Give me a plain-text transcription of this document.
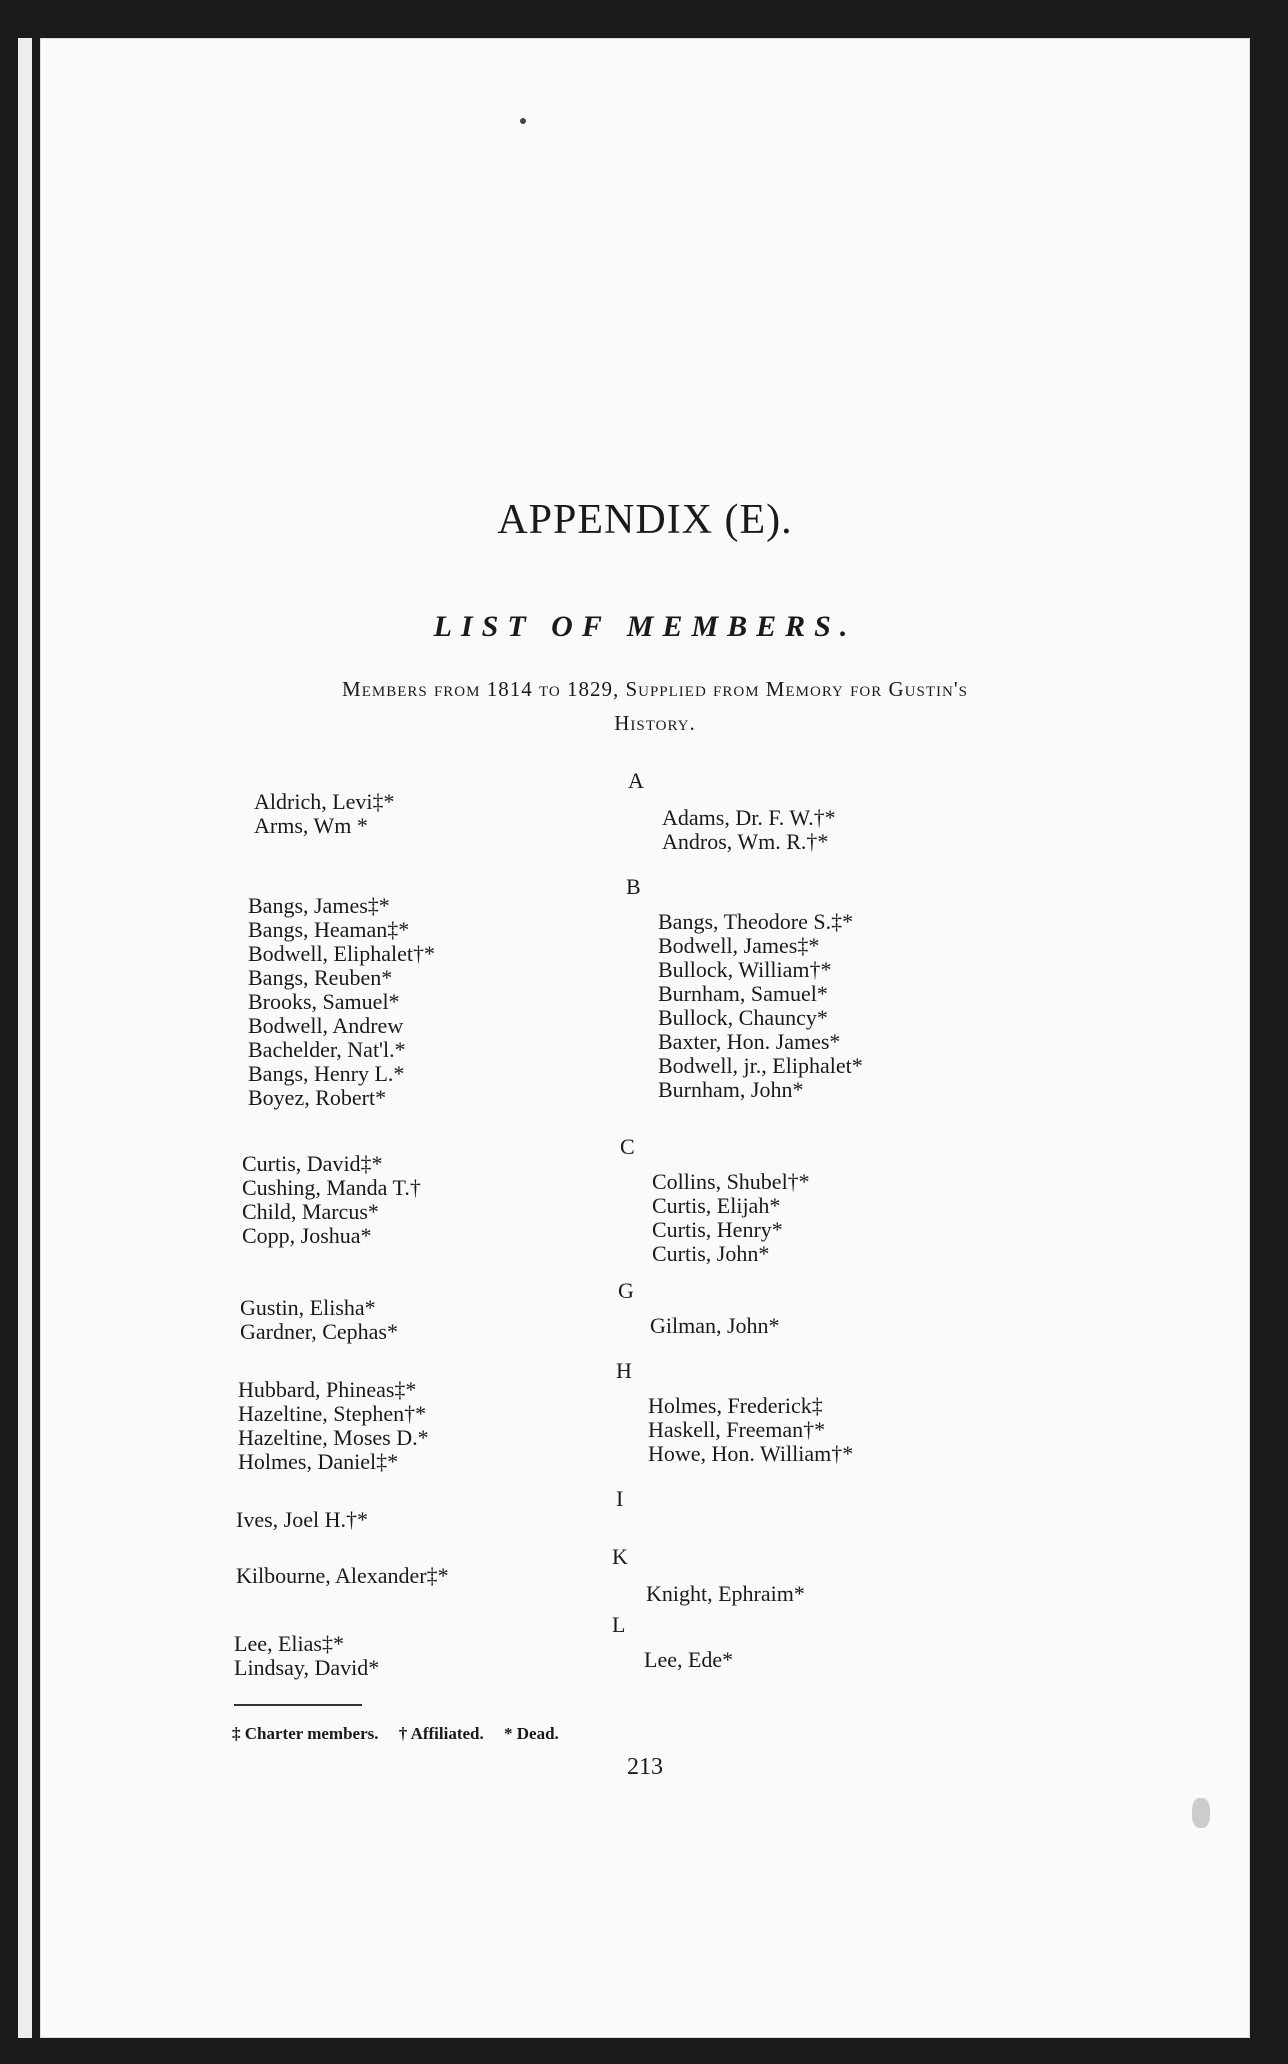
APPENDIX (E).
LIST OF MEMBERS.
Members from 1814 to 1829, Supplied from Memory for Gustin's
History.
A
Aldrich, Levi‡*
Arms, Wm *	Adams, Dr. F. W.†*
Andros, Wm. R.†*
B
Bangs, James‡*
Bangs, Heaman‡*
Bodwell, Eliphalet†*
Bangs, Reuben*
Brooks, Samuel*
Bodwell, Andrew
Bachelder, Nat'l.*
Bangs, Henry L.*
Boyez, Robert*
Bangs, Theodore S.‡*
Bodwell, James‡*
Bullock, William†*
Burnham, Samuel*
Bullock, Chauncy*
Baxter, Hon. James*
Bodwell, jr., Eliphalet*
Burnham, John*
C
Curtis, David‡*
Cushing, Manda T.†
Child, Marcus*
Copp, Joshua*
Collins, Shubel†*
Curtis, Elijah*
Curtis, Henry*
Curtis, John*
G
Gustin, Elisha*
Gardner, Cephas*	Gilman, John*
H
Hubbard, Phineas‡*
Hazeltine, Stephen†*
Hazeltine, Moses D.*
Holmes, Daniel‡*
Holmes, Frederick‡
Haskell, Freeman†*
Howe, Hon. William†*
I
Ives, Joel H.†*
K
Kilbourne, Alexander‡*
Knight, Ephraim*
L
Lee, Elias‡*
Lindsay, David*	Lee, Ede*
‡ Charter members. † Affiliated. * Dead.
213
